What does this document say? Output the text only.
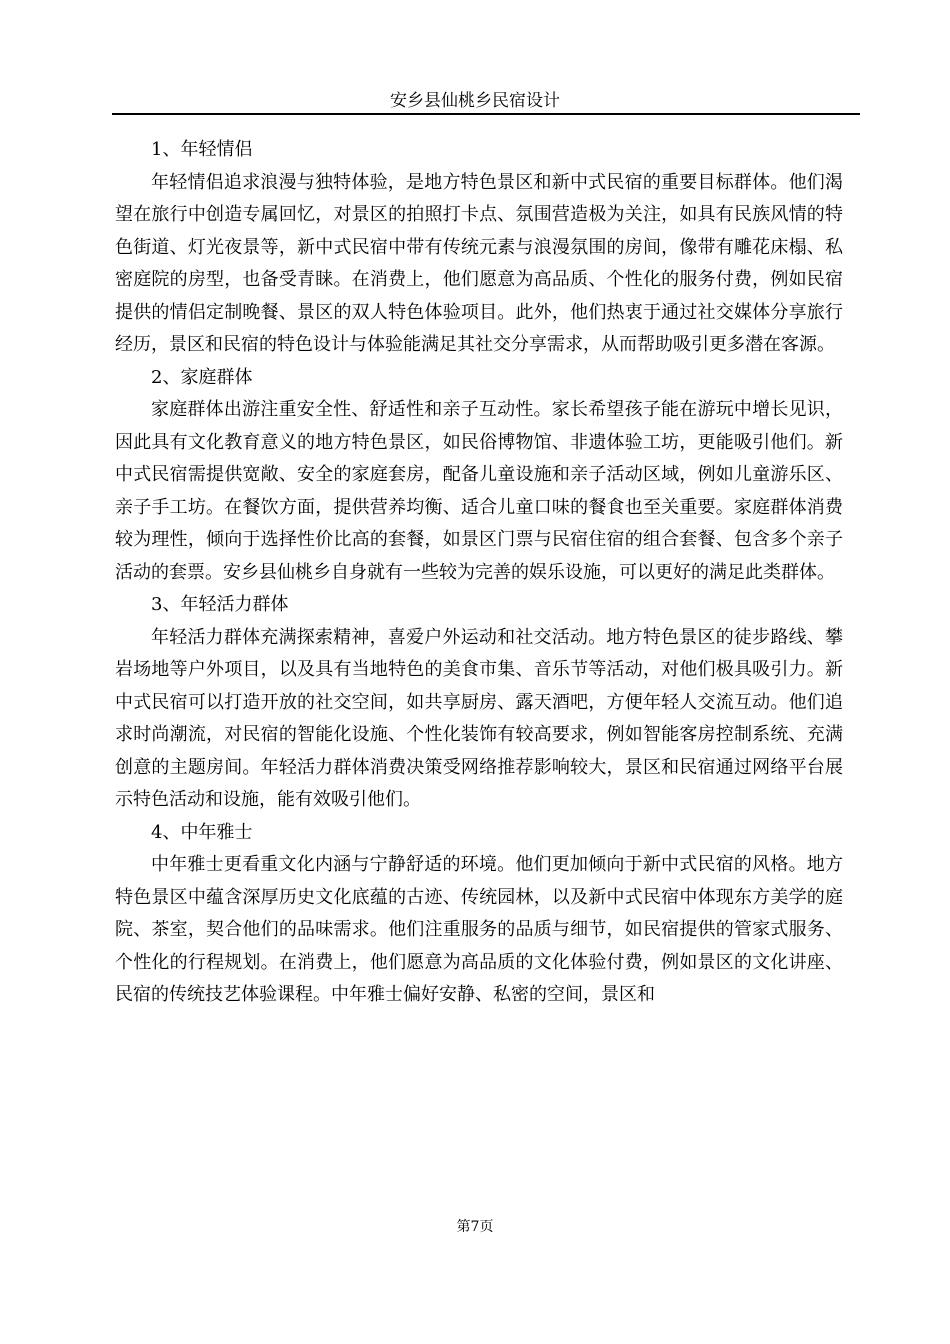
安乡县仙桃乡民宿设计

1、年轻情侣

年轻情侣追求浪漫与独特体验，是地方特色景区和新中式民宿的重要目标群体。他们渴望在旅行中创造专属回忆，对景区的拍照打卡点、氛围营造极为关注，如具有民族风情的特色街道、灯光夜景等，新中式民宿中带有传统元素与浪漫氛围的房间，像带有雕花床榻、私密庭院的房型，也备受青睐。在消费上，他们愿意为高品质、个性化的服务付费，例如民宿提供的情侣定制晚餐、景区的双人特色体验项目。此外，他们热衷于通过社交媒体分享旅行经历，景区和民宿的特色设计与体验能满足其社交分享需求，从而帮助吸引更多潜在客源。

2、家庭群体

家庭群体出游注重安全性、舒适性和亲子互动性。家长希望孩子能在游玩中增长见识，因此具有文化教育意义的地方特色景区，如民俗博物馆、非遗体验工坊，更能吸引他们。新中式民宿需提供宽敞、安全的家庭套房，配备儿童设施和亲子活动区域，例如儿童游乐区、亲子手工坊。在餐饮方面，提供营养均衡、适合儿童口味的餐食也至关重要。家庭群体消费较为理性，倾向于选择性价比高的套餐，如景区门票与民宿住宿的组合套餐、包含多个亲子活动的套票。安乡县仙桃乡自身就有一些较为完善的娱乐设施，可以更好的满足此类群体。

3、年轻活力群体

年轻活力群体充满探索精神，喜爱户外运动和社交活动。地方特色景区的徒步路线、攀岩场地等户外项目，以及具有当地特色的美食市集、音乐节等活动，对他们极具吸引力。新中式民宿可以打造开放的社交空间，如共享厨房、露天酒吧，方便年轻人交流互动。他们追求时尚潮流，对民宿的智能化设施、个性化装饰有较高要求，例如智能客房控制系统、充满创意的主题房间。年轻活力群体消费决策受网络推荐影响较大，景区和民宿通过网络平台展示特色活动和设施，能有效吸引他们。

4、中年雅士

中年雅士更看重文化内涵与宁静舒适的环境。他们更加倾向于新中式民宿的风格。地方特色景区中蕴含深厚历史文化底蕴的古迹、传统园林，以及新中式民宿中体现东方美学的庭院、茶室，契合他们的品味需求。他们注重服务的品质与细节，如民宿提供的管家式服务、个性化的行程规划。在消费上，他们愿意为高品质的文化体验付费，例如景区的文化讲座、民宿的传统技艺体验课程。中年雅士偏好安静、私密的空间，景区和

第7页
